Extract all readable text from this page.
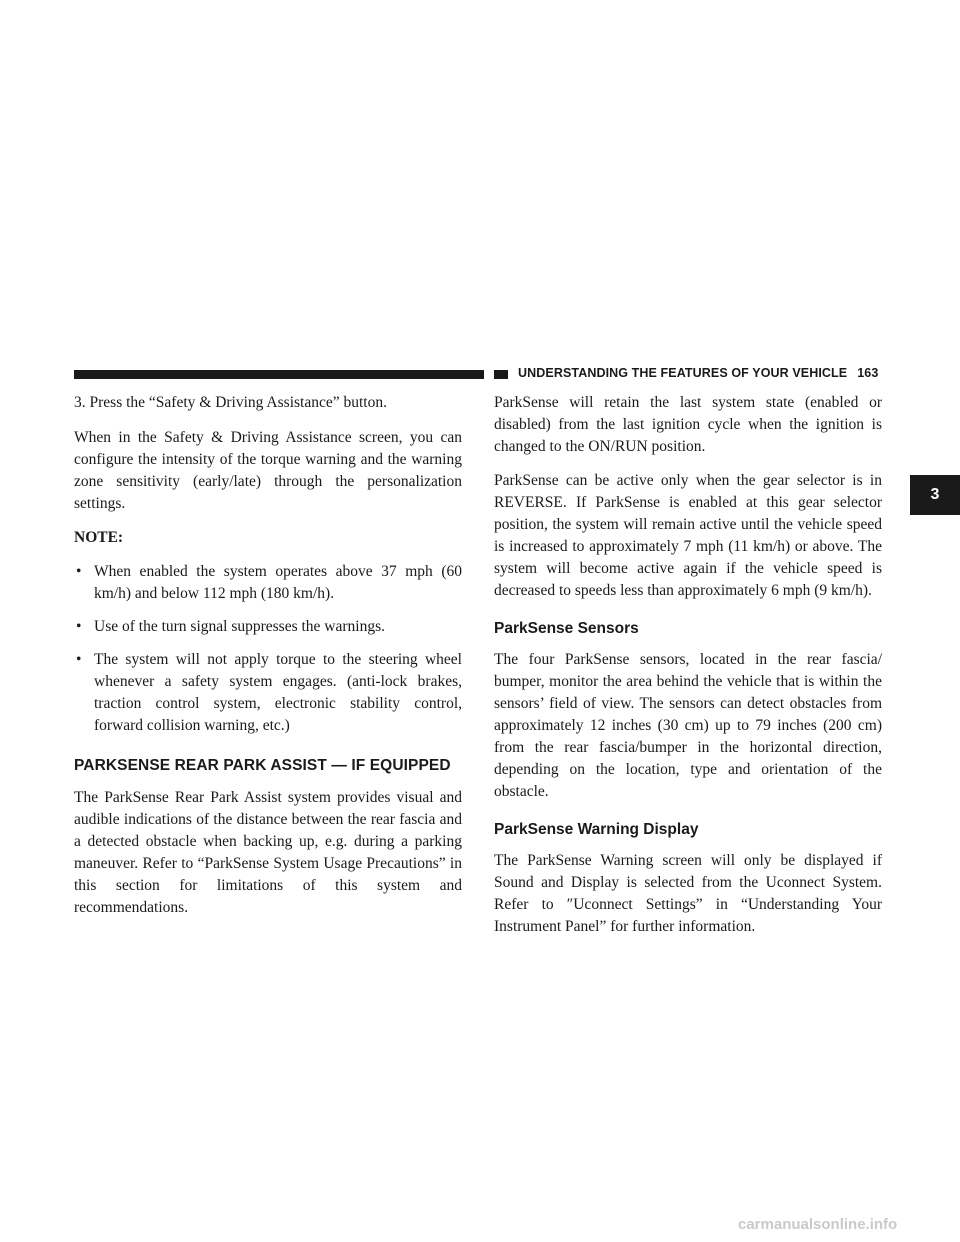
UNDERSTANDING THE FEATURES OF YOUR VEHICLE 163
3

3. Press the “Safety & Driving Assistance” button.

When in the Safety & Driving Assistance screen, you can configure the intensity of the torque warning and the warning zone sensitivity (early/late) through the personalization settings.

NOTE:

• When enabled the system operates above 37 mph (60 km/h) and below 112 mph (180 km/h).
• Use of the turn signal suppresses the warnings.
• The system will not apply torque to the steering wheel whenever a safety system engages. (anti-lock brakes, traction control system, electronic stability control, forward collision warning, etc.)
PARKSENSE REAR PARK ASSIST — IF EQUIPPED

The ParkSense Rear Park Assist system provides visual and audible indications of the distance between the rear fascia and a detected obstacle when backing up, e.g. during a parking maneuver. Refer to “ParkSense System Usage Precautions” in this section for limitations of this system and recommendations.

ParkSense will retain the last system state (enabled or disabled) from the last ignition cycle when the ignition is changed to the ON/RUN position.

ParkSense can be active only when the gear selector is in REVERSE. If ParkSense is enabled at this gear selector position, the system will remain active until the vehicle speed is increased to approximately 7 mph (11 km/h) or above. The system will become active again if the vehicle speed is decreased to speeds less than approximately 6 mph (9 km/h).

ParkSense Sensors

The four ParkSense sensors, located in the rear fascia/ bumper, monitor the area behind the vehicle that is within the sensors’ field of view. The sensors can detect obstacles from approximately 12 inches (30 cm) up to 79 inches (200 cm) from the rear fascia/bumper in the horizontal direction, depending on the location, type and orientation of the obstacle.

ParkSense Warning Display

The ParkSense Warning screen will only be displayed if Sound and Display is selected from the Uconnect System. Refer to ″Uconnect Settings” in “Understanding Your Instrument Panel” for further information.

carmanualsonline.info
